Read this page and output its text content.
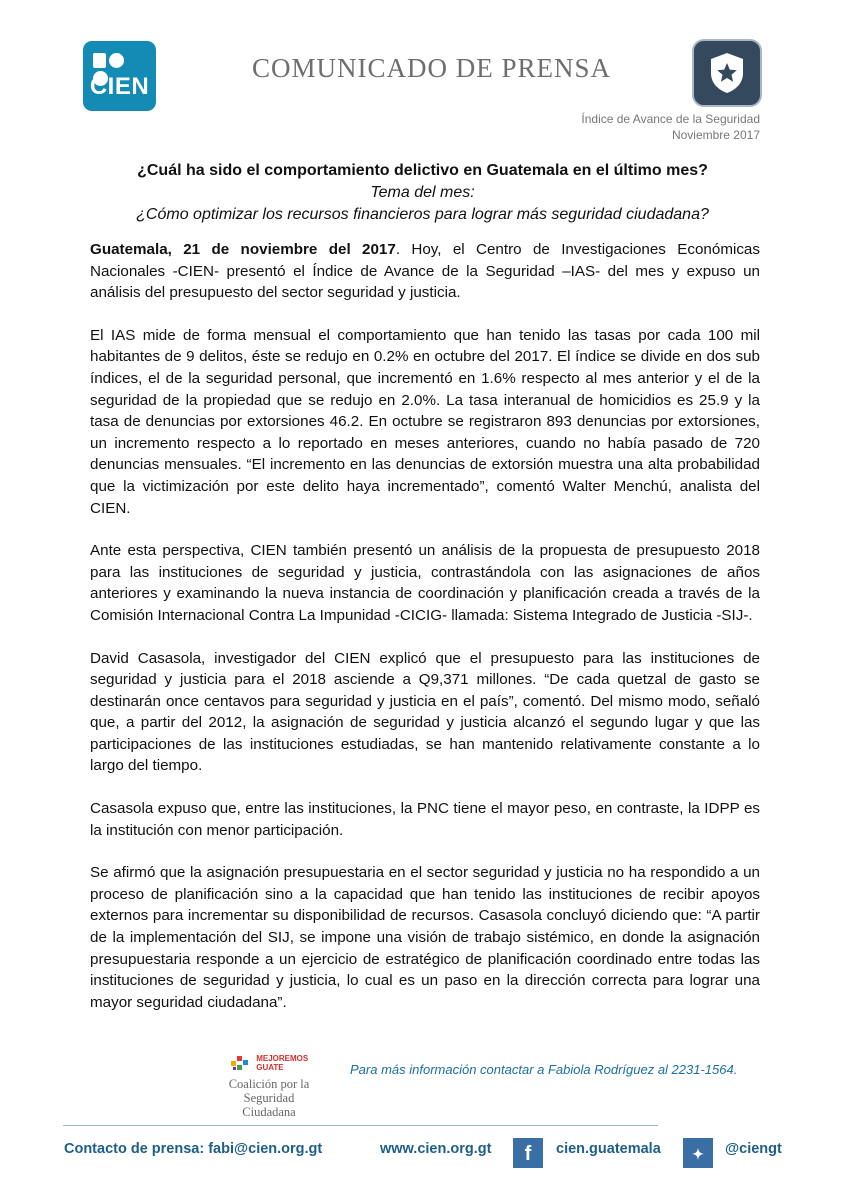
CIEN
COMUNICADO DE PRENSA
Índice de Avance de la Seguridad
Noviembre 2017
¿Cuál ha sido el comportamiento delictivo en Guatemala en el último mes?
Tema del mes:
¿Cómo optimizar los recursos financieros para lograr más seguridad ciudadana?

Guatemala, 21 de noviembre del 2017. Hoy, el Centro de Investigaciones Económicas Nacionales -CIEN- presentó el Índice de Avance de la Seguridad –IAS- del mes y expuso un análisis del presupuesto del sector seguridad y justicia.

El IAS mide de forma mensual el comportamiento que han tenido las tasas por cada 100 mil habitantes de 9 delitos, éste se redujo en 0.2% en octubre del 2017. El índice se divide en dos sub índices, el de la seguridad personal, que incrementó en 1.6% respecto al mes anterior y el de la seguridad de la propiedad que se redujo en 2.0%. La tasa interanual de homicidios es 25.9 y la tasa de denuncias por extorsiones 46.2. En octubre se registraron 893 denuncias por extorsiones, un incremento respecto a lo reportado en meses anteriores, cuando no había pasado de 720 denuncias mensuales. “El incremento en las denuncias de extorsión muestra una alta probabilidad que la victimización por este delito haya incrementado”, comentó Walter Menchú, analista del CIEN.

Ante esta perspectiva, CIEN también presentó un análisis de la propuesta de presupuesto 2018 para las instituciones de seguridad y justicia, contrastándola con las asignaciones de años anteriores y examinando la nueva instancia de coordinación y planificación creada a través de la Comisión Internacional Contra La Impunidad -CICIG- llamada: Sistema Integrado de Justicia -SIJ-.

David Casasola, investigador del CIEN explicó que el presupuesto para las instituciones de seguridad y justicia para el 2018 asciende a Q9,371 millones. “De cada quetzal de gasto se destinarán once centavos para seguridad y justicia en el país”, comentó. Del mismo modo, señaló que, a partir del 2012, la asignación de seguridad y justicia alcanzó el segundo lugar y que las participaciones de las instituciones estudiadas, se han mantenido relativamente constante a lo largo del tiempo.

Casasola expuso que, entre las instituciones, la PNC tiene el mayor peso, en contraste, la IDPP es la institución con menor participación.

Se afirmó que la asignación presupuestaria en el sector seguridad y justicia no ha respondido a un proceso de planificación sino a la capacidad que han tenido las instituciones de recibir apoyos externos para incrementar su disponibilidad de recursos. Casasola concluyó diciendo que: “A partir de la implementación del SIJ, se impone una visión de trabajo sistémico, en donde la asignación presupuestaria responde a un ejercicio de estratégico de planificación coordinado entre todas las instituciones de seguridad y justicia, lo cual es un paso en la dirección correcta para lograr una mayor seguridad ciudadana”.

MEJOREMOS
GUATE
Coalición por la
Seguridad Ciudadana
Para más información contactar a Fabiola Rodríguez al 2231-1564.
Contacto de prensa: fabi@cien.org.gt	www.cien.org.gt	f	cien.guatemala	✦	@ciengt
